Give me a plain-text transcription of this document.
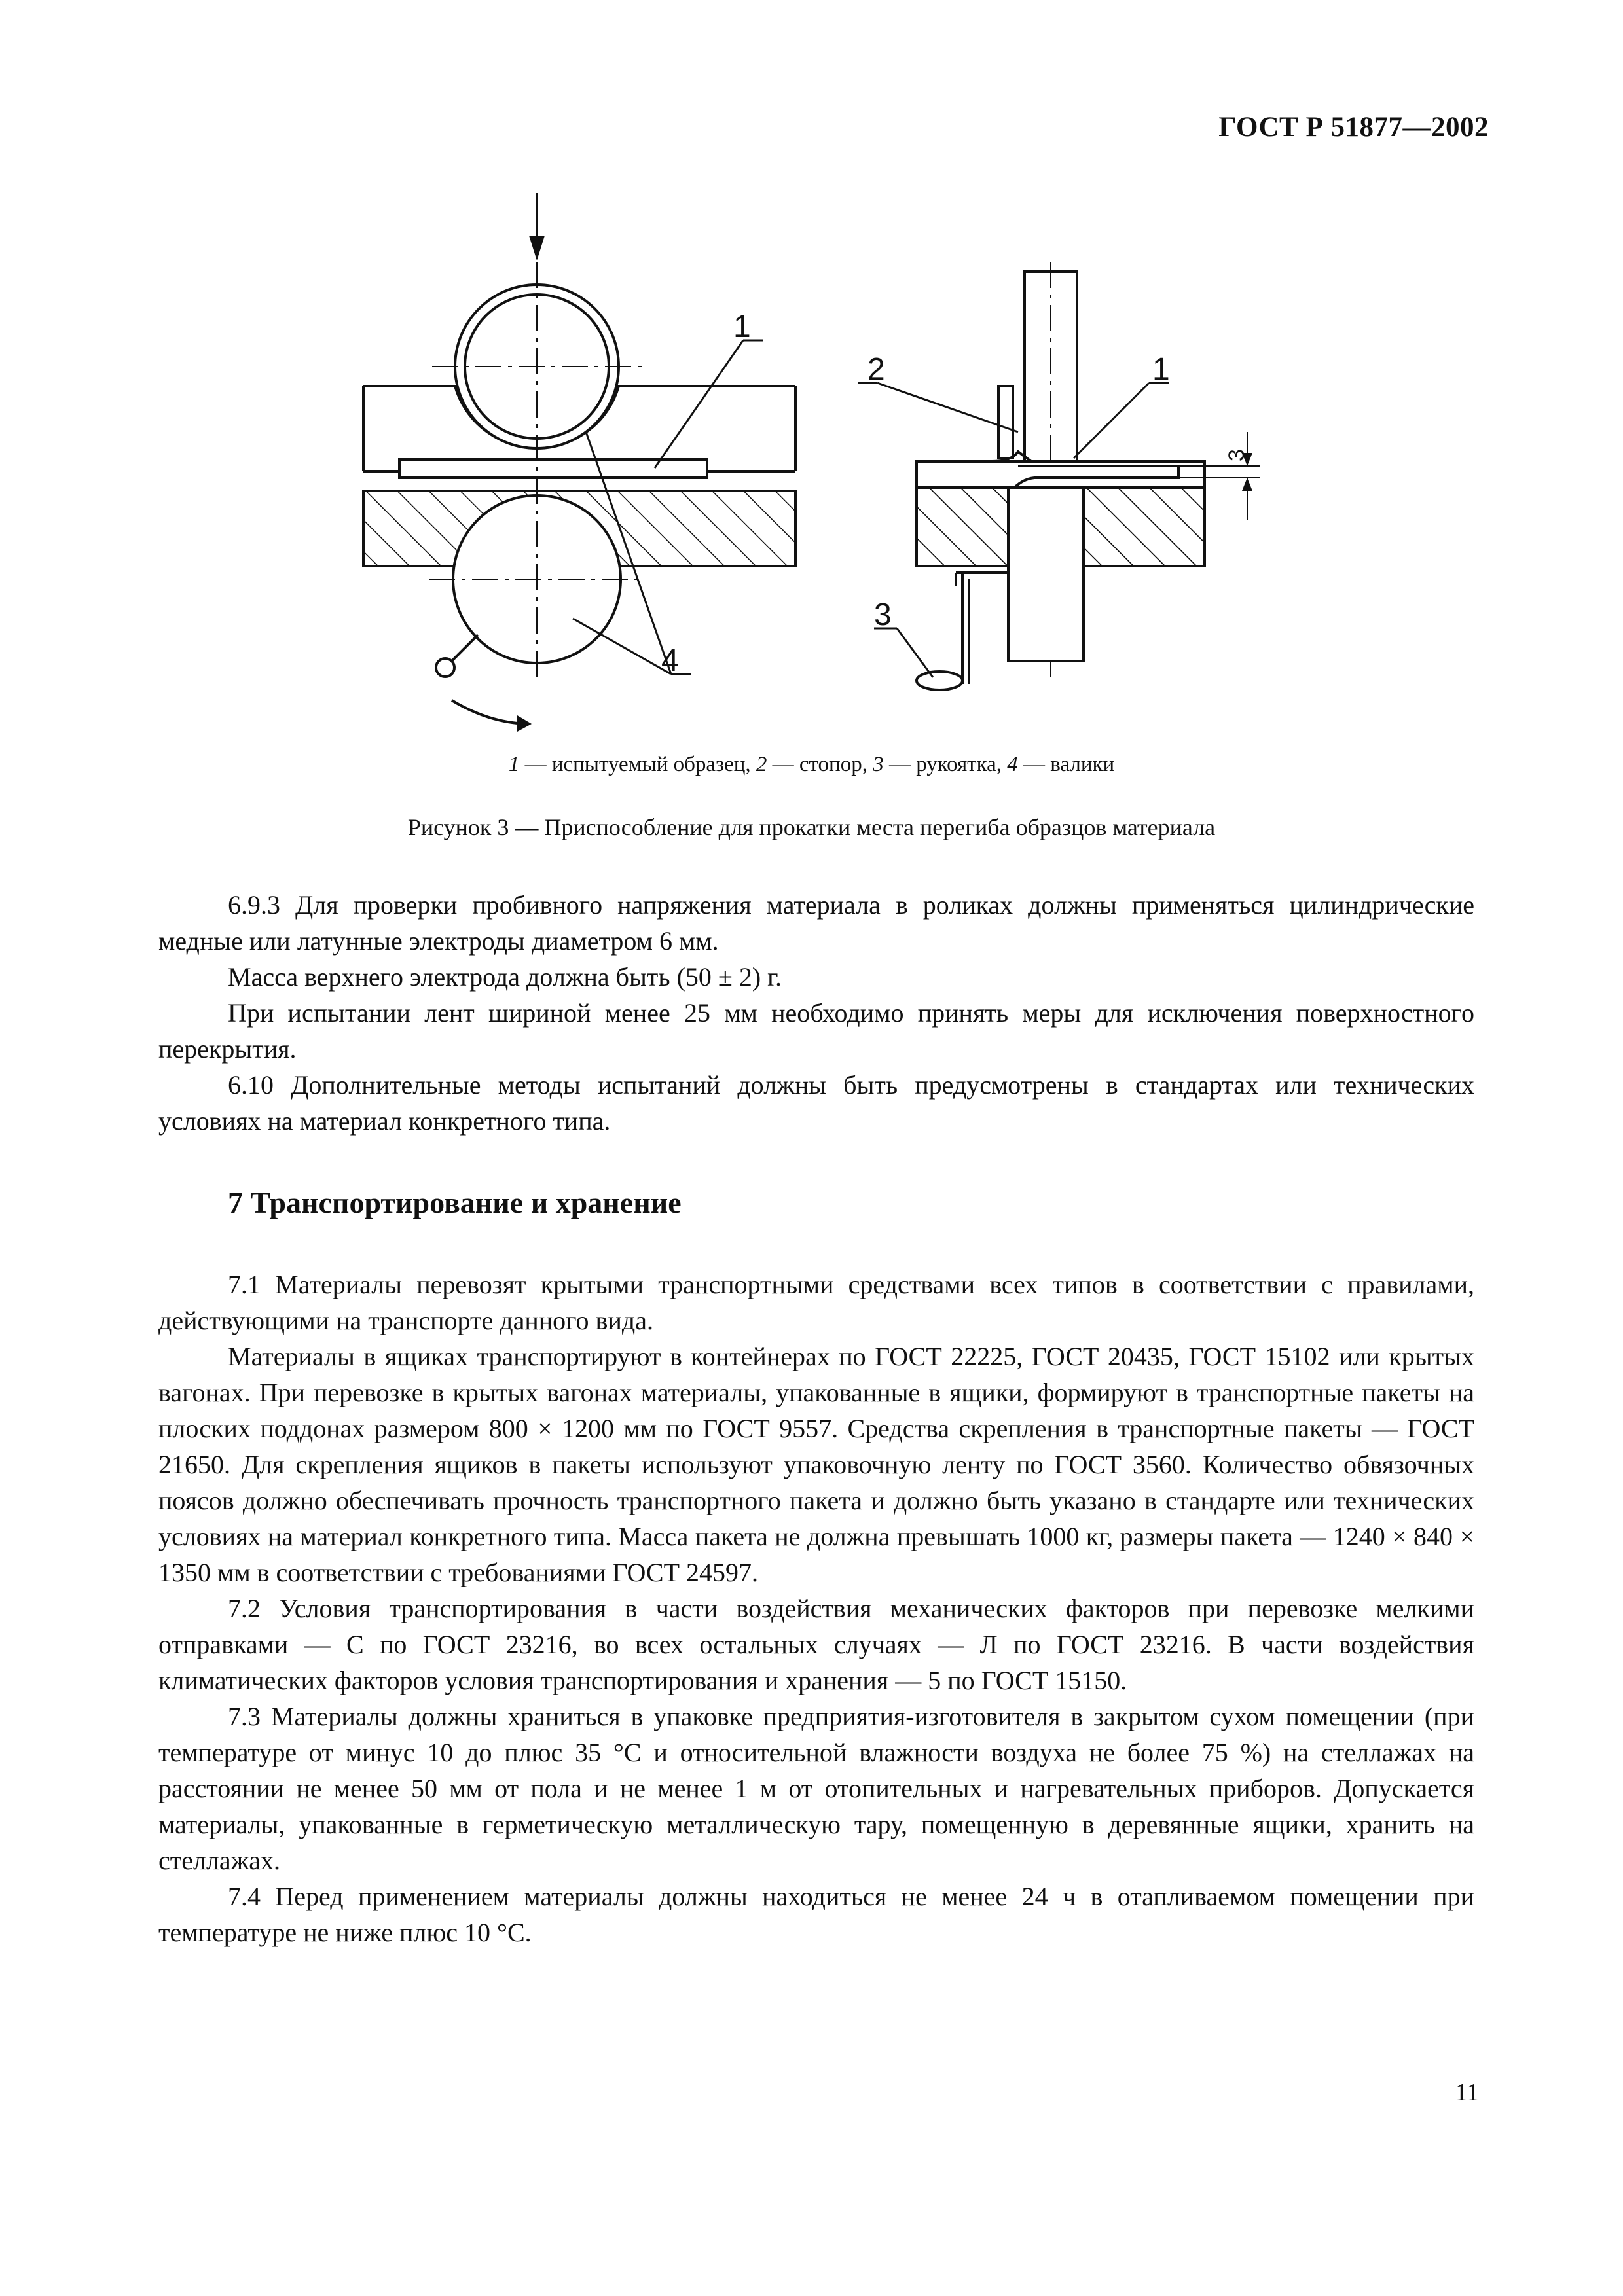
ГОСТ Р 51877—2002
1
4
2	1
3
3
1 — испытуемый образец, 2 — стопор, 3 — рукоятка, 4 — валики
Рисунок 3 — Приспособление для прокатки места перегиба образцов материала

6.9.3 Для проверки пробивного напряжения материала в роликах должны применяться цилиндрические медные или латунные электроды диаметром 6 мм.

Масса верхнего электрода должна быть (50 ± 2) г.

При испытании лент шириной менее 25 мм необходимо принять меры для исключения поверхностного перекрытия.

6.10 Дополнительные методы испытаний должны быть предусмотрены в стандартах или технических условиях на материал конкретного типа.

7 Транспортирование и хранение

7.1 Материалы перевозят крытыми транспортными средствами всех типов в соответствии с правилами, действующими на транспорте данного вида.

Материалы в ящиках транспортируют в контейнерах по ГОСТ 22225, ГОСТ 20435, ГОСТ 15102 или крытых вагонах. При перевозке в крытых вагонах материалы, упакованные в ящики, формируют в транспортные пакеты на плоских поддонах размером 800 × 1200 мм по ГОСТ 9557. Средства скрепления в транспортные пакеты — ГОСТ 21650. Для скрепления ящиков в пакеты используют упаковочную ленту по ГОСТ 3560. Количество обвязочных поясов должно обеспечивать прочность транспортного пакета и должно быть указано в стандарте или технических условиях на материал конкретного типа. Масса пакета не должна превышать 1000 кг, размеры пакета — 1240 × 840 × 1350 мм в соответствии с требованиями ГОСТ 24597.

7.2 Условия транспортирования в части воздействия механических факторов при перевозке мелкими отправками — С по ГОСТ 23216, во всех остальных случаях — Л по ГОСТ 23216. В части воздействия климатических факторов условия транспортирования и хранения — 5 по ГОСТ 15150.

7.3 Материалы должны храниться в упаковке предприятия-изготовителя в закрытом сухом помещении (при температуре от минус 10 до плюс 35 °С и относительной влажности воздуха не более 75 %) на стеллажах на расстоянии не менее 50 мм от пола и не менее 1 м от отопительных и нагревательных приборов. Допускается материалы, упакованные в герметическую металлическую тару, помещенную в деревянные ящики, хранить на стеллажах.

7.4 Перед применением материалы должны находиться не менее 24 ч в отапливаемом помещении при температуре не ниже плюс 10 °С.

11
